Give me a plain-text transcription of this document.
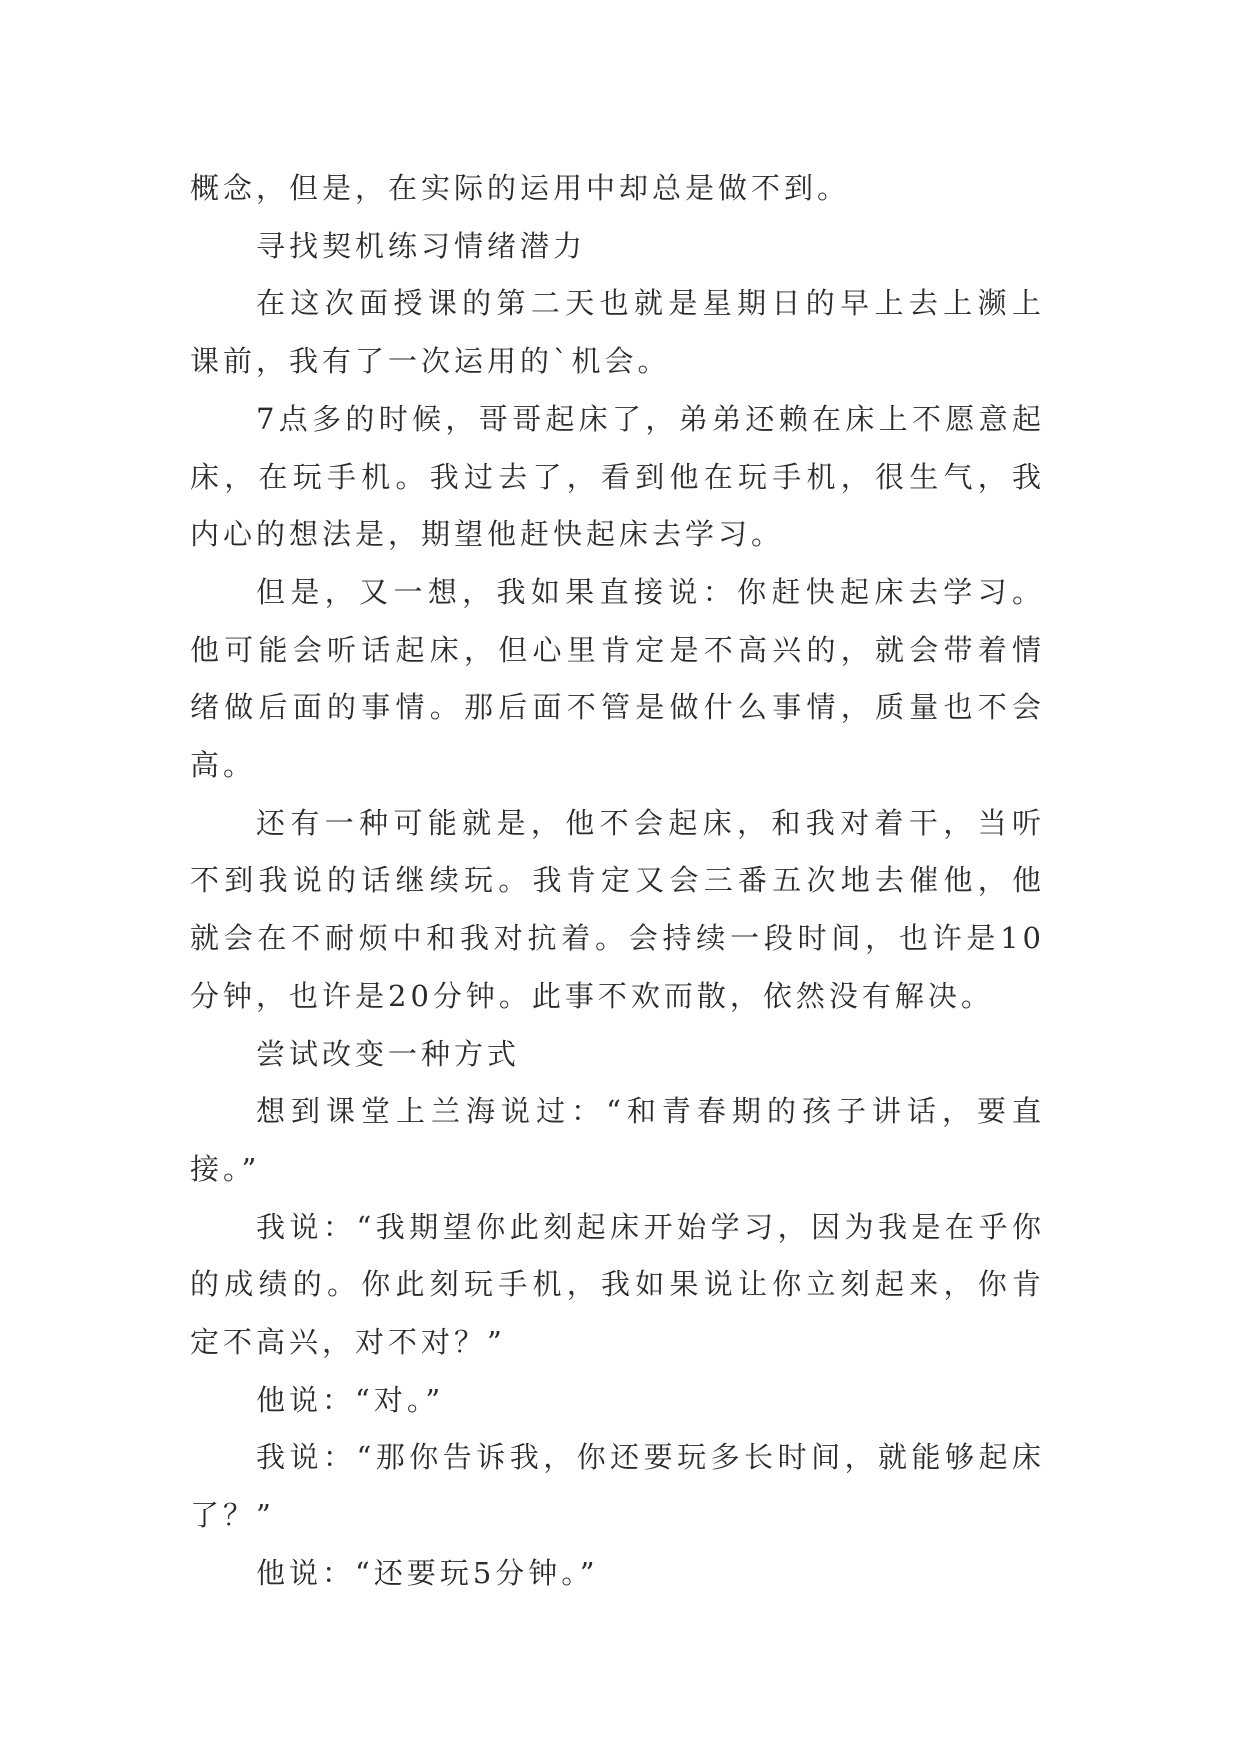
概念，但是，在实际的运用中却总是做不到。

寻找契机练习情绪潜力

在这次面授课的第二天也就是星期日的早上去上濒上课前，我有了一次运用的`机会。

7点多的时候，哥哥起床了，弟弟还赖在床上不愿意起床，在玩手机。我过去了，看到他在玩手机，很生气，我内心的想法是，期望他赶快起床去学习。

但是，又一想，我如果直接说：你赶快起床去学习。他可能会听话起床，但心里肯定是不高兴的，就会带着情绪做后面的事情。那后面不管是做什么事情，质量也不会高。

还有一种可能就是，他不会起床，和我对着干，当听不到我说的话继续玩。我肯定又会三番五次地去催他，他就会在不耐烦中和我对抗着。会持续一段时间，也许是10分钟，也许是20分钟。此事不欢而散，依然没有解决。

尝试改变一种方式

想到课堂上兰海说过：“和青春期的孩子讲话，要直接。”

我说：“我期望你此刻起床开始学习，因为我是在乎你的成绩的。你此刻玩手机，我如果说让你立刻起来，你肯定不高兴，对不对？”

他说：“对。”

我说：“那你告诉我，你还要玩多长时间，就能够起床了？”

他说：“还要玩5分钟。”
